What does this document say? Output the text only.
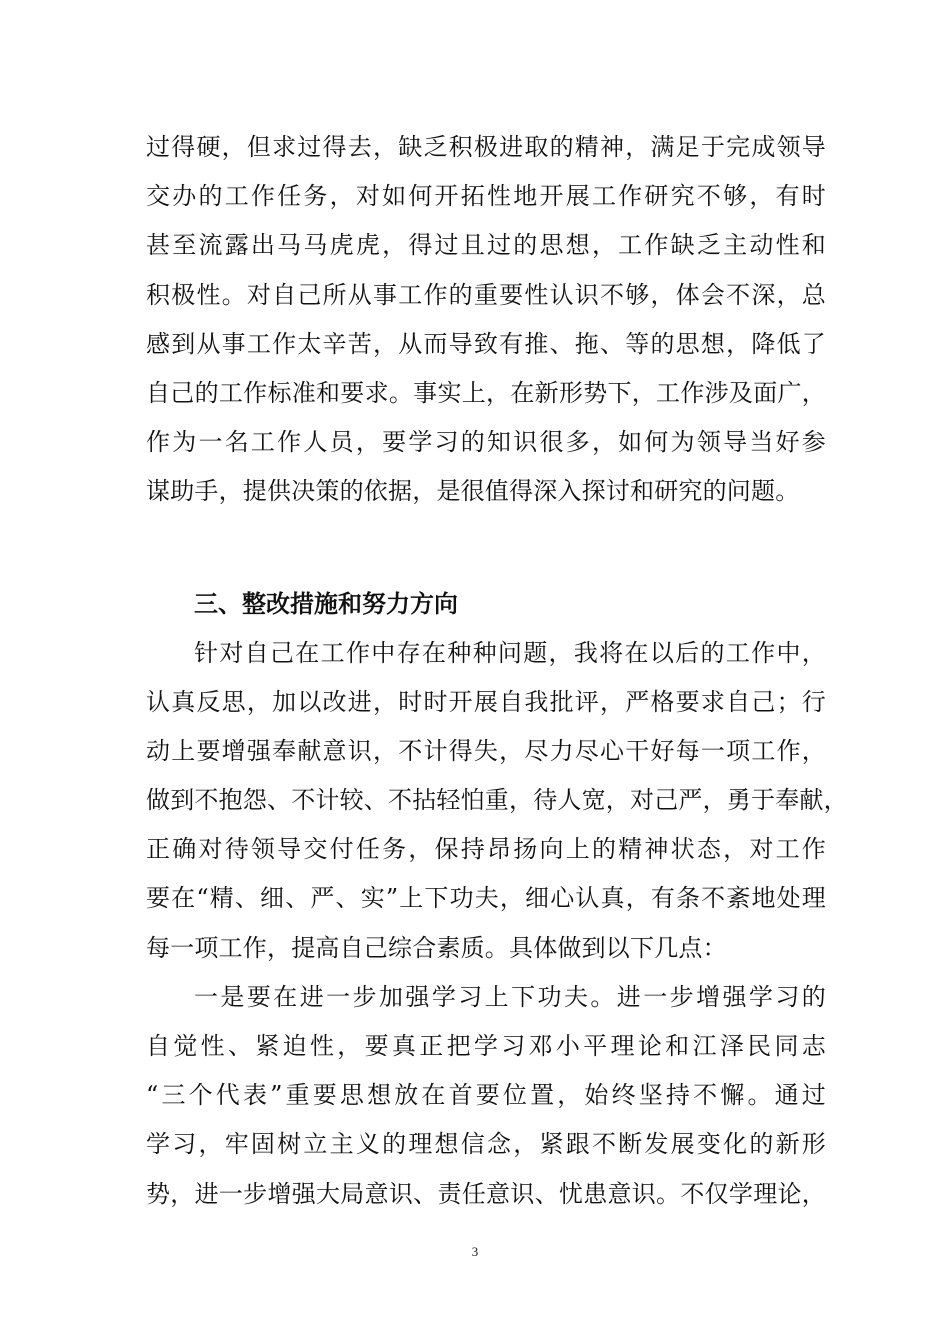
过得硬，但求过得去，缺乏积极进取的精神，满足于完成领导
交办的工作任务，对如何开拓性地开展工作研究不够，有时
甚至流露出马马虎虎，得过且过的思想，工作缺乏主动性和
积极性。对自己所从事工作的重要性认识不够，体会不深，总
感到从事工作太辛苦，从而导致有推、拖、等的思想，降低了
自己的工作标准和要求。事实上，在新形势下，工作涉及面广，
作为一名工作人员，要学习的知识很多，如何为领导当好参
谋助手，提供决策的依据，是很值得深入探讨和研究的问题。
三、整改措施和努力方向
针对自己在工作中存在种种问题，我将在以后的工作中，
认真反思，加以改进，时时开展自我批评，严格要求自己；行
动上要增强奉献意识，不计得失，尽力尽心干好每一项工作，
做到不抱怨、不计较、不拈轻怕重，待人宽，对己严，勇于奉献，
正确对待领导交付任务，保持昂扬向上的精神状态，对工作
要在“精、细、严、实”上下功夫，细心认真，有条不紊地处理
每一项工作，提高自己综合素质。具体做到以下几点：
一是要在进一步加强学习上下功夫。进一步增强学习的
自觉性、紧迫性，要真正把学习邓小平理论和江泽民同志
“三个代表”重要思想放在首要位置，始终坚持不懈。通过
学习，牢固树立主义的理想信念，紧跟不断发展变化的新形
势，进一步增强大局意识、责任意识、忧患意识。不仅学理论，
3
